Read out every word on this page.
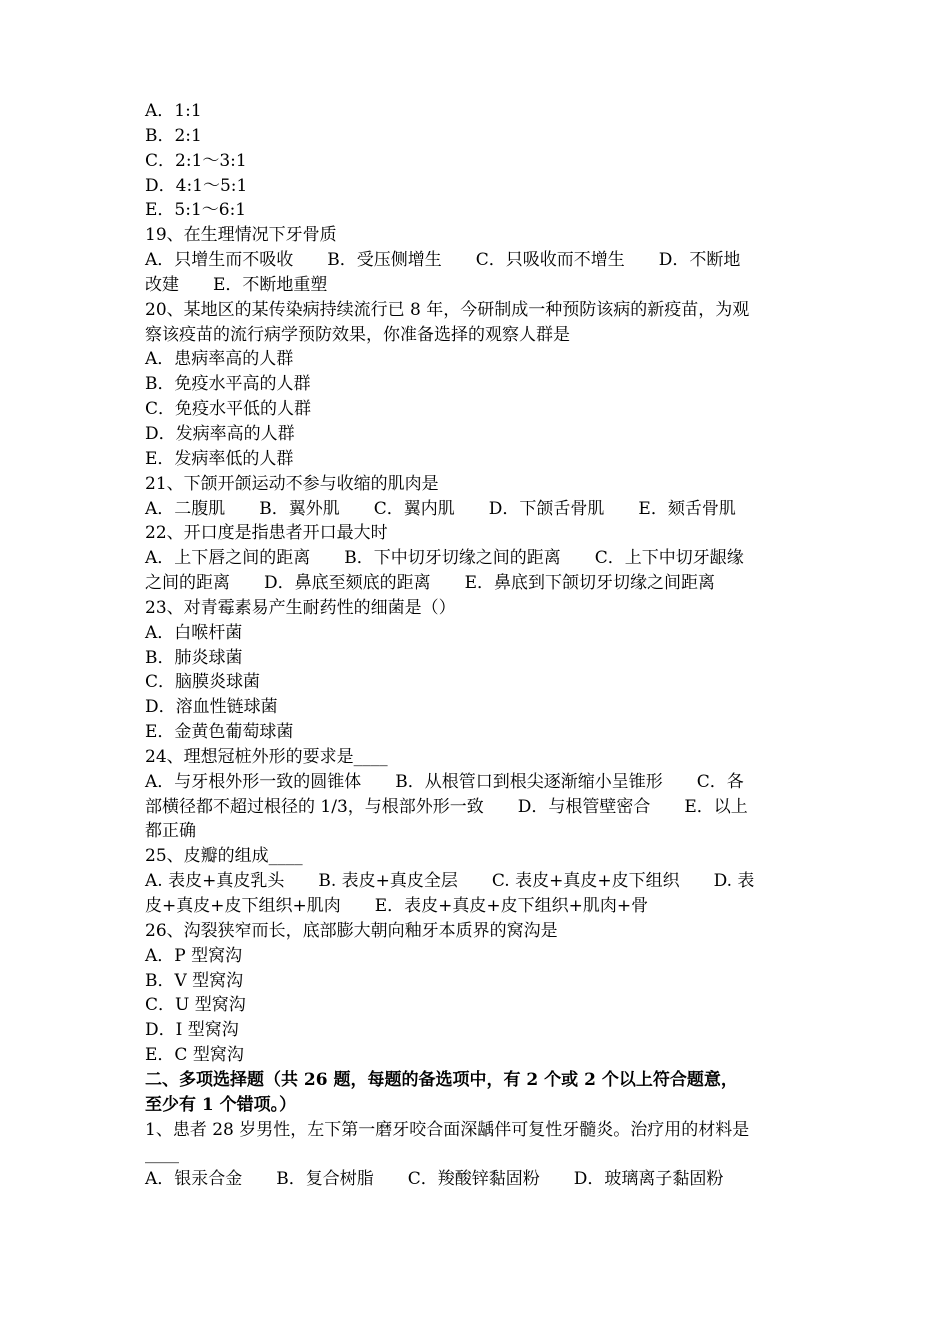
A．1:1

B．2:1

C．2:1～3:1

D．4:1～5:1

E．5:1～6:1

19、在生理情况下牙骨质

A．只增生而不吸收　　B．受压侧增生　　C．只吸收而不增生　　D．不断地

改建　　E．不断地重塑

20、某地区的某传染病持续流行已 8 年，今研制成一种预防该病的新疫苗，为观

察该疫苗的流行病学预防效果，你准备选择的观察人群是

A．患病率高的人群

B．免疫水平高的人群

C．免疫水平低的人群

D．发病率高的人群

E．发病率低的人群

21、下颌开颌运动不参与收缩的肌肉是

A．二腹肌　　B．翼外肌　　C．翼内肌　　D．下颌舌骨肌　　E．颏舌骨肌

22、开口度是指患者开口最大时

A．上下唇之间的距离　　B．下中切牙切缘之间的距离　　C．上下中切牙龈缘

之间的距离　　D．鼻底至颏底的距离　　E．鼻底到下颌切牙切缘之间距离

23、对青霉素易产生耐药性的细菌是（）

A．白喉杆菌

B．肺炎球菌

C．脑膜炎球菌

D．溶血性链球菌

E．金黄色葡萄球菌

24、理想冠桩外形的要求是____

A．与牙根外形一致的圆锥体　　B．从根管口到根尖逐渐缩小呈锥形　　C．各

部横径都不超过根径的 1/3，与根部外形一致　　D．与根管壁密合　　E．以上

都正确

25、皮瓣的组成____

A. 表皮+真皮乳头　　B. 表皮+真皮全层　　C. 表皮+真皮+皮下组织　　D. 表

皮+真皮+皮下组织+肌肉　　E．表皮+真皮+皮下组织+肌肉+骨

26、沟裂狭窄而长，底部膨大朝向釉牙本质界的窝沟是

A．P 型窝沟

B．V 型窝沟

C．U 型窝沟

D．I 型窝沟

E．C 型窝沟

二、多项选择题（共 26 题，每题的备选项中，有 2 个或 2 个以上符合题意，

至少有 1 个错项。）

1、患者 28 岁男性，左下第一磨牙咬合面深龋伴可复性牙髓炎。治疗用的材料是

____

A．银汞合金　　B．复合树脂　　C．羧酸锌黏固粉　　D．玻璃离子黏固粉
